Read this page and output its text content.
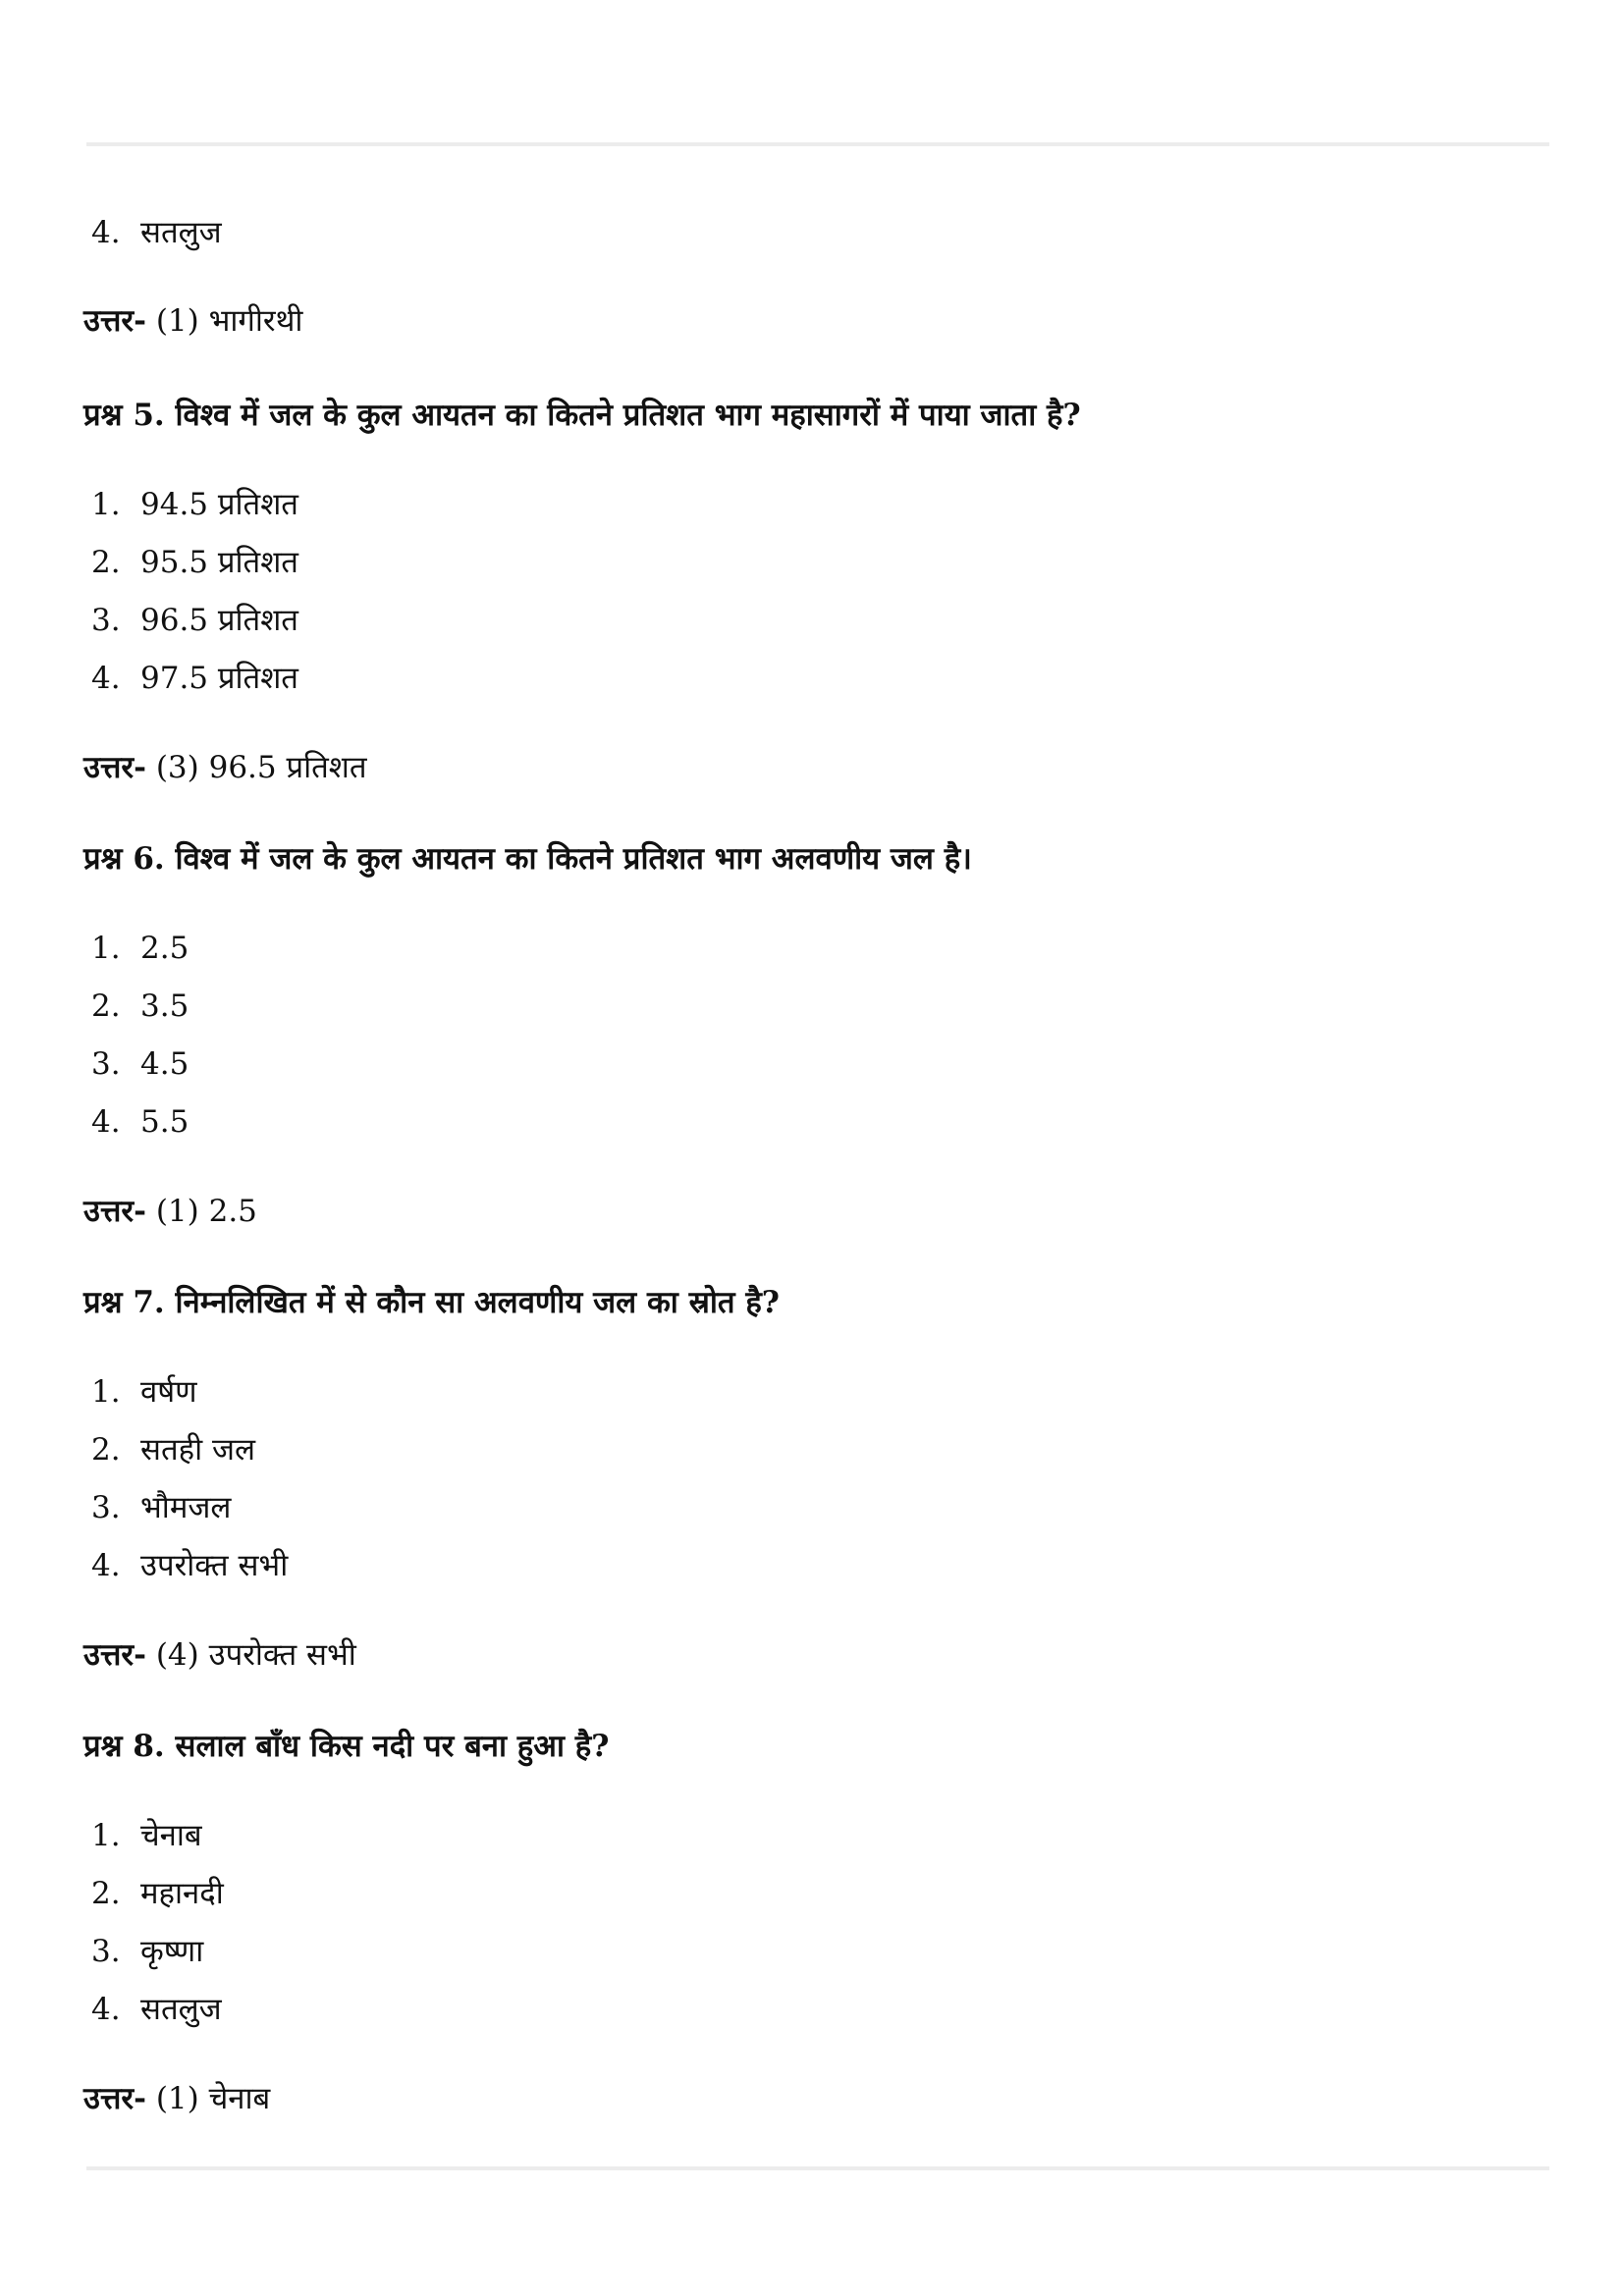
4. सतलुज
उत्तर- (1) भागीरथी
प्रश्न 5. विश्व में जल के कुल आयतन का कितने प्रतिशत भाग महासागरों में पाया जाता है?
1. 94.5 प्रतिशत
2. 95.5 प्रतिशत
3. 96.5 प्रतिशत
4. 97.5 प्रतिशत
उत्तर- (3) 96.5 प्रतिशत
प्रश्न 6. विश्व में जल के कुल आयतन का कितने प्रतिशत भाग अलवणीय जल है।
1. 2.5
2. 3.5
3. 4.5
4. 5.5
उत्तर- (1) 2.5
प्रश्न 7. निम्नलिखित में से कौन सा अलवणीय जल का स्रोत है?
1. वर्षण
2. सतही जल
3. भौमजल
4. उपरोक्त सभी
उत्तर- (4) उपरोक्त सभी
प्रश्न 8. सलाल बाँध किस नदी पर बना हुआ है?
1. चेनाब
2. महानदी
3. कृष्णा
4. सतलुज
उत्तर- (1) चेनाब
